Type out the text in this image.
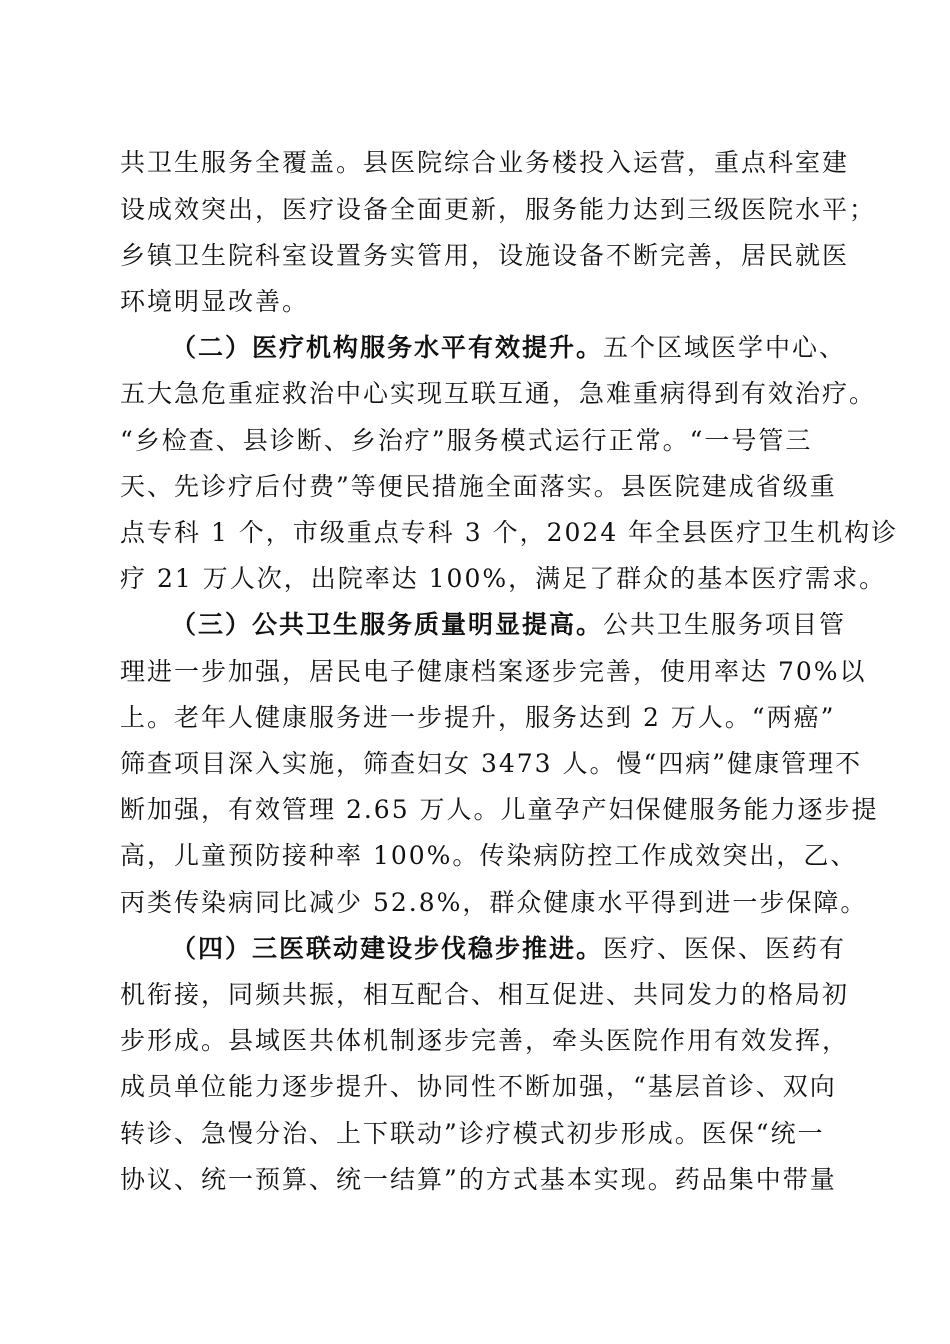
共卫生服务全覆盖。县医院综合业务楼投入运营，重点科室建

设成效突出，医疗设备全面更新，服务能力达到三级医院水平；

乡镇卫生院科室设置务实管用，设施设备不断完善，居民就医

环境明显改善。

（二）医疗机构服务水平有效提升。五个区域医学中心、

五大急危重症救治中心实现互联互通，急难重病得到有效治疗。

“乡检查、县诊断、乡治疗”服务模式运行正常。“一号管三

天、先诊疗后付费”等便民措施全面落实。县医院建成省级重

点专科 1 个，市级重点专科 3 个，2024 年全县医疗卫生机构诊

疗 21 万人次，出院率达 100%，满足了群众的基本医疗需求。

（三）公共卫生服务质量明显提高。公共卫生服务项目管

理进一步加强，居民电子健康档案逐步完善，使用率达 70%以

上。老年人健康服务进一步提升，服务达到 2 万人。“两癌”

筛查项目深入实施，筛查妇女 3473 人。慢“四病”健康管理不

断加强，有效管理 2.65 万人。儿童孕产妇保健服务能力逐步提

高，儿童预防接种率 100%。传染病防控工作成效突出，乙、

丙类传染病同比减少 52.8%，群众健康水平得到进一步保障。

（四）三医联动建设步伐稳步推进。医疗、医保、医药有

机衔接，同频共振，相互配合、相互促进、共同发力的格局初

步形成。县域医共体机制逐步完善，牵头医院作用有效发挥，

成员单位能力逐步提升、协同性不断加强，“基层首诊、双向

转诊、急慢分治、上下联动”诊疗模式初步形成。医保“统一

协议、统一预算、统一结算”的方式基本实现。药品集中带量
